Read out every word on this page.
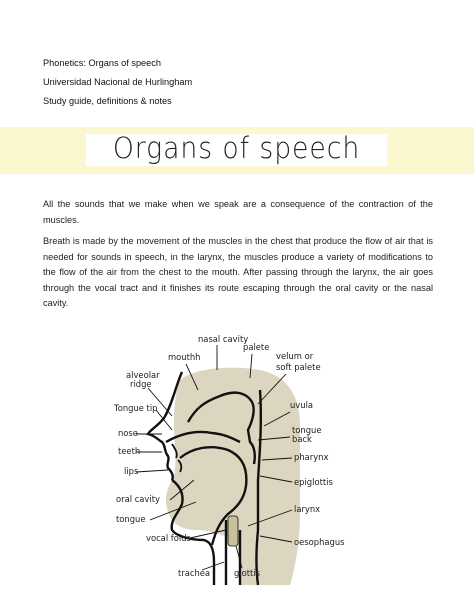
Phonetics: Organs of speech
Universidad Nacional de Hurlingham
Study guide, definitions & notes
Organs of speech
All the sounds that we make when we speak are a consequence of the contraction of the muscles.
Breath is made by the movement of the muscles in the chest that produce the flow of air that is needed for sounds in speech, in the larynx, the muscles produce a variety of modifications to the flow of the air from the chest to the mouth. After passing through the larynx, the air goes through the vocal tract and it finishes its route escaping through the oral cavity or the nasal cavity.
nasal cavity
palete
mouthh	velum or
soft palete
alveolar
ridge
uvula
Tongue tip
tongue
back
nose
pharynx
teeth
lips
epiglottis
oral cavity
larynx
tongue
vocal folds	oesophagus
trachea	glottis
